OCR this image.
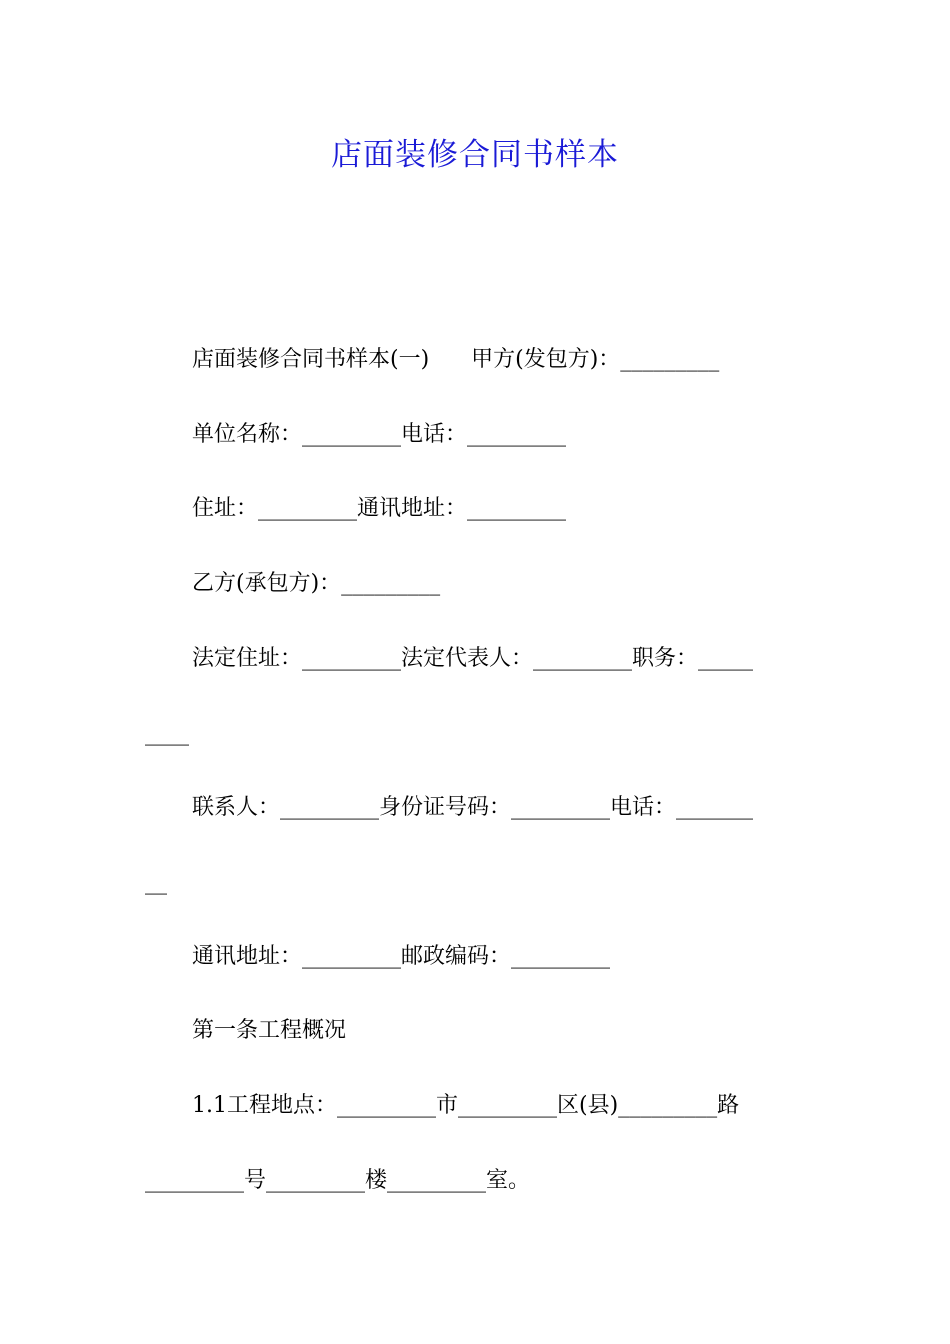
店面装修合同书样本
店面装修合同书样本(一)      甲方(发包方)：_________
单位名称：_________电话：_________
住址：_________通讯地址：_________
乙方(承包方)：_________
法定住址：_________法定代表人：_________职务：_____
____
联系人：_________身份证号码：_________电话：_______
__
通讯地址：_________邮政编码：_________
第一条工程概况
1.1工程地点：_________市_________区(县)_________路
_________号_________楼_________室。
